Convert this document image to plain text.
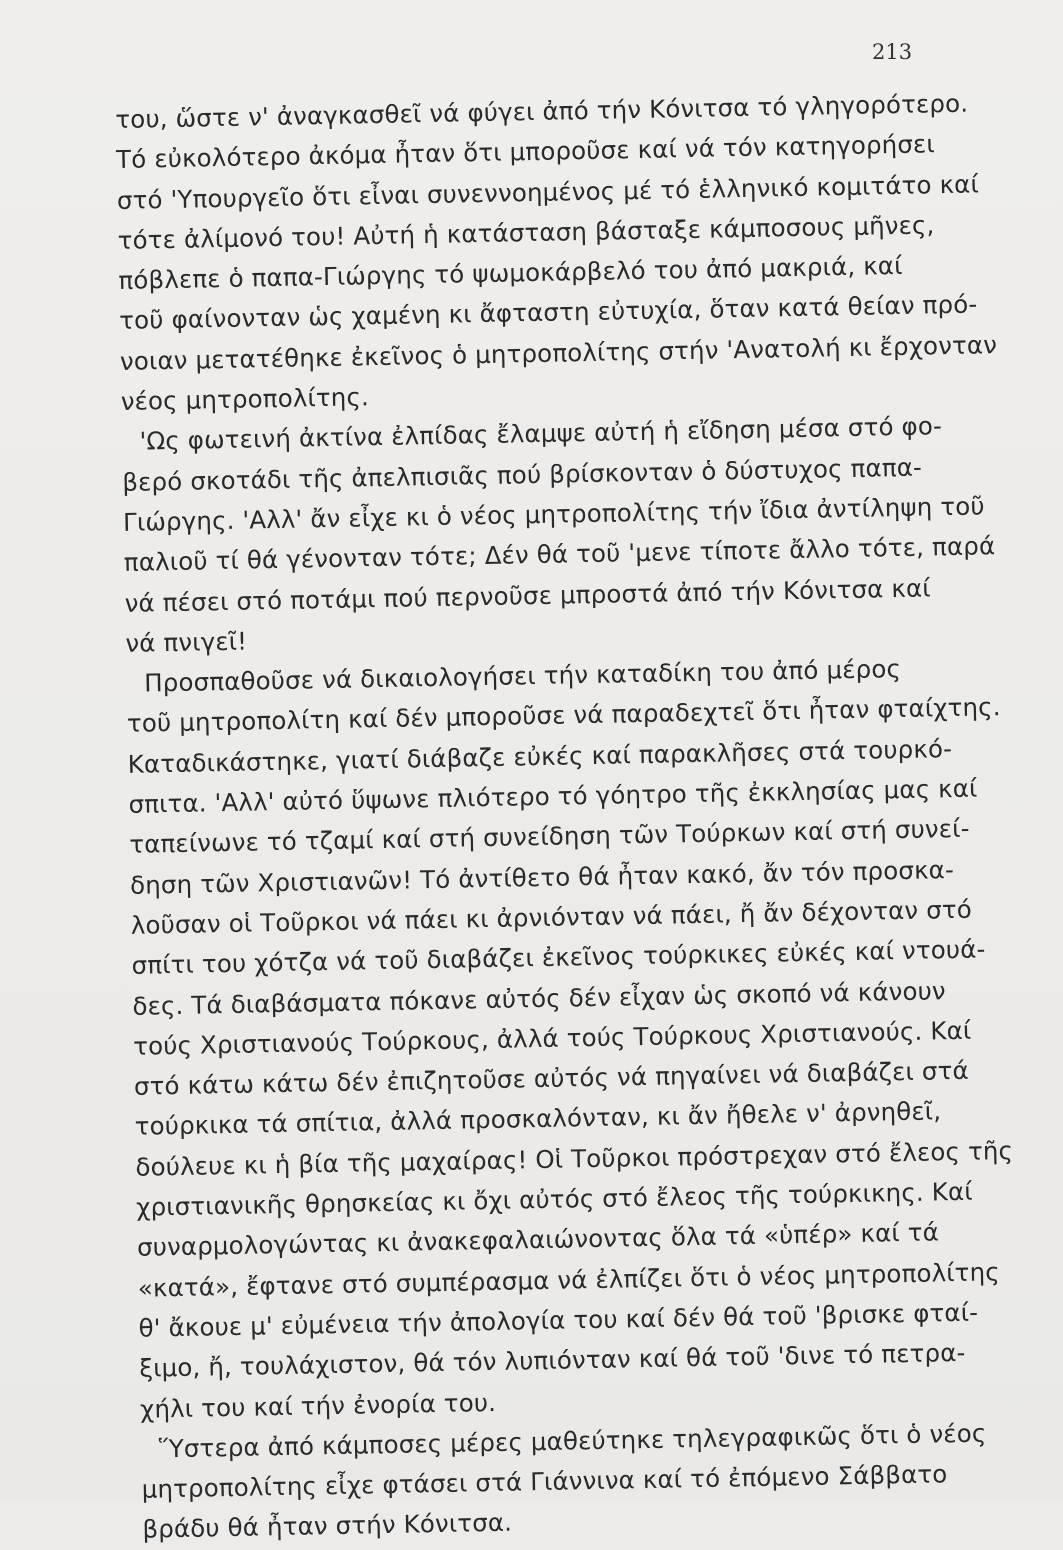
213
του, ὥστε ν' ἀναγκασθεῖ νά φύγει ἀπό τήν Κόνιτσα τό γληγορότερο.
Τό εὐκολότερο ἀκόμα ἦταν ὅτι μποροῦσε καί νά τόν κατηγορήσει
στό 'Υπουργεῖο ὅτι εἶναι συνεννοημένος μέ τό ἑλληνικό κομιτάτο καί
τότε ἀλίμονό του! Αὐτή ἡ κατάσταση βάσταξε κάμποσους μῆνες,
πόβλεπε ὁ παπα-Γιώργης τό ψωμοκάρβελό του ἀπό μακριά, καί
τοῦ φαίνονταν ὡς χαμένη κι ἄφταστη εὐτυχία, ὅταν κατά θείαν πρό-
νοιαν μετατέθηκε ἐκεῖνος ὁ μητροπολίτης στήν 'Ανατολή κι ἔρχονταν
νέος μητροπολίτης.
'Ως φωτεινή ἀκτίνα ἐλπίδας ἔλαμψε αὐτή ἡ εἴδηση μέσα στό φο-
βερό σκοτάδι τῆς ἀπελπισιᾶς πού βρίσκονταν ὁ δύστυχος παπα-
Γιώργης. 'Αλλ' ἄν εἶχε κι ὁ νέος μητροπολίτης τήν ἴδια ἀντίληψη τοῦ
παλιοῦ τί θά γένονταν τότε; Δέν θά τοῦ 'μενε τίποτε ἄλλο τότε, παρά
νά πέσει στό ποτάμι πού περνοῦσε μπροστά ἀπό τήν Κόνιτσα καί
νά πνιγεῖ!
Προσπαθοῦσε νά δικαιολογήσει τήν καταδίκη του ἀπό μέρος
τοῦ μητροπολίτη καί δέν μποροῦσε νά παραδεχτεῖ ὅτι ἦταν φταίχτης.
Καταδικάστηκε, γιατί διάβαζε εὐκές καί παρακλῆσες στά τουρκό-
σπιτα. 'Αλλ' αὐτό ὕψωνε πλιότερο τό γόητρο τῆς ἐκκλησίας μας καί
ταπείνωνε τό τζαμί καί στή συνείδηση τῶν Τούρκων καί στή συνεί-
δηση τῶν Χριστιανῶν! Τό ἀντίθετο θά ἦταν κακό, ἄν τόν προσκα-
λοῦσαν οἱ Τοῦρκοι νά πάει κι ἀρνιόνταν νά πάει, ἤ ἄν δέχονταν στό
σπίτι του χότζα νά τοῦ διαβάζει ἐκεῖνος τούρκικες εὐκές καί ντουά-
δες. Τά διαβάσματα πόκανε αὐτός δέν εἶχαν ὡς σκοπό νά κάνουν
τούς Χριστιανούς Τούρκους, ἀλλά τούς Τούρκους Χριστιανούς. Καί
στό κάτω κάτω δέν ἐπιζητοῦσε αὐτός νά πηγαίνει νά διαβάζει στά
τούρκικα τά σπίτια, ἀλλά προσκαλόνταν, κι ἄν ἤθελε ν' ἀρνηθεῖ,
δούλευε κι ἡ βία τῆς μαχαίρας! Οἱ Τοῦρκοι πρόστρεχαν στό ἔλεος τῆς
χριστιανικῆς θρησκείας κι ὄχι αὐτός στό ἔλεος τῆς τούρκικης. Καί
συναρμολογώντας κι ἀνακεφαλαιώνοντας ὅλα τά «ὑπέρ» καί τά
«κατά», ἔφτανε στό συμπέρασμα νά ἐλπίζει ὅτι ὁ νέος μητροπολίτης
θ' ἄκουε μ' εὐμένεια τήν ἀπολογία του καί δέν θά τοῦ 'βρισκε φταί-
ξιμο, ἤ, τουλάχιστον, θά τόν λυπιόνταν καί θά τοῦ 'δινε τό πετρα-
χήλι του καί τήν ἐνορία του.
Ὕστερα ἀπό κάμποσες μέρες μαθεύτηκε τηλεγραφικῶς ὅτι ὁ νέος
μητροπολίτης εἶχε φτάσει στά Γιάννινα καί τό ἐπόμενο Σάββατο
βράδυ θά ἦταν στήν Κόνιτσα.
